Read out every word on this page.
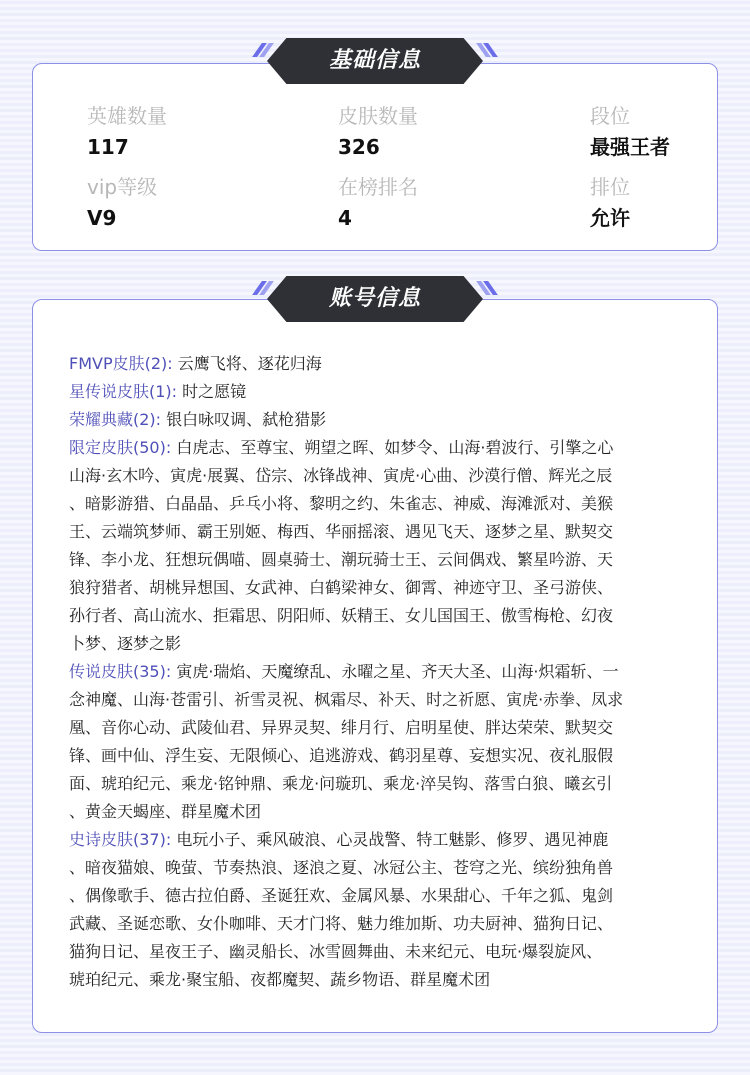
英雄数量
117
皮肤数量
326
段位
最强王者
vip等级
V9
在榜排名
4
排位
允许
基础信息
FMVP皮肤(2): 云鹰飞将、逐花归海
星传说皮肤(1): 时之愿镜
荣耀典藏(2): 银白咏叹调、弑枪猎影
限定皮肤(50): 白虎志、至尊宝、朔望之晖、如梦令、山海·碧波行、引擎之心
山海·玄木吟、寅虎·展翼、岱宗、冰锋战神、寅虎·心曲、沙漠行僧、辉光之辰
、暗影游猎、白晶晶、乒乓小将、黎明之约、朱雀志、神威、海滩派对、美猴
王、云端筑梦师、霸王别姬、梅西、华丽摇滚、遇见飞天、逐梦之星、默契交
锋、李小龙、狂想玩偶喵、圆桌骑士、潮玩骑士王、云间偶戏、繁星吟游、天
狼狩猎者、胡桃异想国、女武神、白鹤梁神女、御霄、神迹守卫、圣弓游侠、
孙行者、高山流水、拒霜思、阴阳师、妖精王、女儿国国王、傲雪梅枪、幻夜
卜梦、逐梦之影
传说皮肤(35): 寅虎·瑞焰、天魔缭乱、永曜之星、齐天大圣、山海·炽霜斩、一
念神魔、山海·苍雷引、祈雪灵祝、枫霜尽、补天、时之祈愿、寅虎·赤拳、凤求
凰、音你心动、武陵仙君、异界灵契、绯月行、启明星使、胖达荣荣、默契交
锋、画中仙、浮生妄、无限倾心、追逃游戏、鹤羽星尊、妄想实况、夜礼服假
面、琥珀纪元、乘龙·铭钟鼎、乘龙·问璇玑、乘龙·淬吴钩、落雪白狼、曦玄引
、黄金天蝎座、群星魔术团
史诗皮肤(37): 电玩小子、乘风破浪、心灵战警、特工魅影、修罗、遇见神鹿
、暗夜猫娘、晚萤、节奏热浪、逐浪之夏、冰冠公主、苍穹之光、缤纷独角兽
、偶像歌手、德古拉伯爵、圣诞狂欢、金属风暴、水果甜心、千年之狐、鬼剑
武藏、圣诞恋歌、女仆咖啡、天才门将、魅力维加斯、功夫厨神、猫狗日记、
猫狗日记、星夜王子、幽灵船长、冰雪圆舞曲、未来纪元、电玩·爆裂旋风、
琥珀纪元、乘龙·聚宝船、夜都魔契、蔬乡物语、群星魔术团
账号信息
